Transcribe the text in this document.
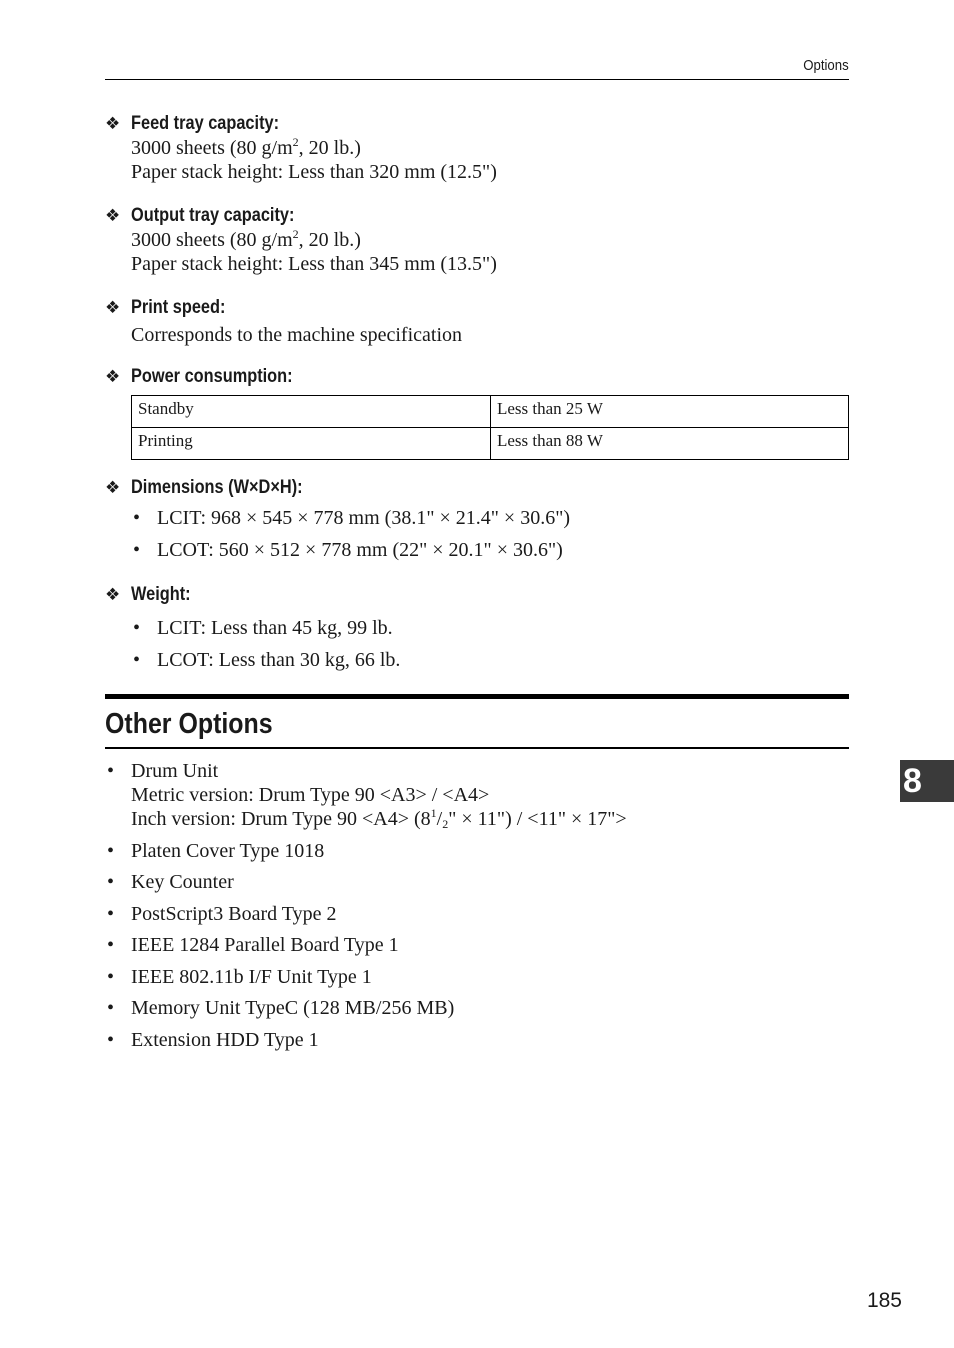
Options
❖ Feed tray capacity:
3000 sheets (80 $g/m^2$, 20 lb.)
Paper stack height: Less than 320 mm (12.5")
❖ Output tray capacity:
3000 sheets (80 $g/m^2$, 20 lb.)
Paper stack height: Less than 345 mm (13.5")
❖ Print speed:
Corresponds to the machine specification
❖ Power consumption:
Standby	Less than 25 W
Printing	Less than 88 W
❖ Dimensions (W×D×H):
• LCIT: 968 × 545 × 778 mm (38.1" × 21.4" × 30.6")
• LCOT: 560 × 512 × 778 mm (22" × 20.1" × 30.6")
❖ Weight:
• LCIT: Less than 45 kg, 99 lb.
• LCOT: Less than 30 kg, 66 lb.
Other Options
• Drum Unit
Metric version: Drum Type 90 <A3> / <A4>
Inch version: Drum Type $90 <A4> (8^1/_2$" × 11") / <11" × 17">
• Platen Cover Type 1018
• Key Counter
• PostScript3 Board Type 2
• IEEE 1284 Parallel Board Type 1
• IEEE 802.11b I/F Unit Type 1
• Memory Unit TypeC (128 MB/256 MB)
• Extension HDD Type 1
8
185
